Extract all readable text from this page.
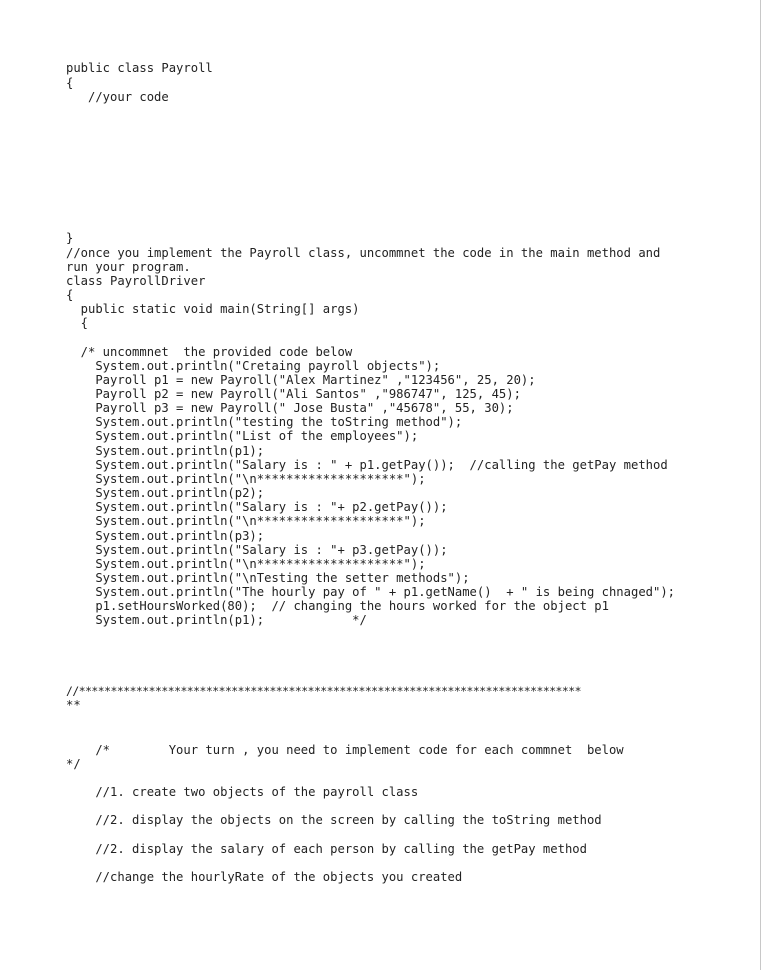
public class Payroll
{
//your code
}
//once you implement the Payroll class, uncommnet the code in the main method and
run your program.
class PayrollDriver
{
public static void main(String[] args)
{
/* uncommnet  the provided code below
System.out.println("Cretaing payroll objects");
Payroll p1 = new Payroll("Alex Martinez" ,"123456", 25, 20);
Payroll p2 = new Payroll("Ali Santos" ,"986747", 125, 45);
Payroll p3 = new Payroll(" Jose Busta" ,"45678", 55, 30);
System.out.println("testing the toString method");
System.out.println("List of the employees");
System.out.println(p1);
System.out.println("Salary is : " + p1.getPay());  //calling the getPay method
System.out.println("\n********************");
System.out.println(p2);
System.out.println("Salary is : "+ p2.getPay());
System.out.println("\n********************");
System.out.println(p3);
System.out.println("Salary is : "+ p3.getPay());
System.out.println("\n********************");
System.out.println("\nTesting the setter methods");
System.out.println("The hourly pay of " + p1.getName()  + " is being chnaged");
p1.setHoursWorked(80);  // changing the hours worked for the object p1
System.out.println(p1);            */
//*******************************************************************************
**
/*        Your turn , you need to implement code for each commnet  below
*/
//1. create two objects of the payroll class
//2. display the objects on the screen by calling the toString method
//2. display the salary of each person by calling the getPay method
//change the hourlyRate of the objects you created
